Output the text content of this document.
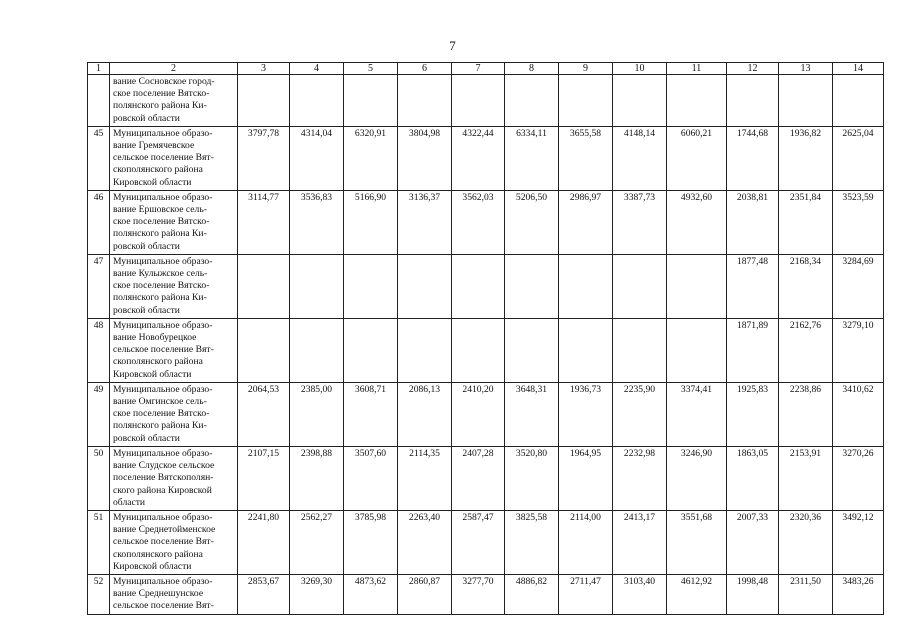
7
1	2	3	4	5	6	7	8	9	10	11	12	13	14
	вание Сосновское город-
ское поселение Вятско-
полянского района Ки-
ровской области												
45	Муниципальное образо-
вание Гремячевское
сельское поселение Вят-
скополянского района
Кировской области	3797,78	4314,04	6320,91	3804,98	4322,44	6334,11	3655,58	4148,14	6060,21	1744,68	1936,82	2625,04
46	Муниципальное образо-
вание Ершовское сель-
ское поселение Вятско-
полянского района Ки-
ровской области	3114,77	3536,83	5166,90	3136,37	3562,03	5206,50	2986,97	3387,73	4932,60	2038,81	2351,84	3523,59
47	Муниципальное образо-
вание Кулыжское сель-
ское поселение Вятско-
полянского района Ки-
ровской области										1877,48	2168,34	3284,69
48	Муниципальное образо-
вание Новобурецкое
сельское поселение Вят-
скополянского района
Кировской области										1871,89	2162,76	3279,10
49	Муниципальное образо-
вание Омгинское сель-
ское поселение Вятско-
полянского района Ки-
ровской области	2064,53	2385,00	3608,71	2086,13	2410,20	3648,31	1936,73	2235,90	3374,41	1925,83	2238,86	3410,62
50	Муниципальное образо-
вание Слудское сельское
поселение Вятскополян-
ского района Кировской
области	2107,15	2398,88	3507,60	2114,35	2407,28	3520,80	1964,95	2232,98	3246,90	1863,05	2153,91	3270,26
51	Муниципальное образо-
вание Среднетойменское
сельское поселение Вят-
скополянского района
Кировской области	2241,80	2562,27	3785,98	2263,40	2587,47	3825,58	2114,00	2413,17	3551,68	2007,33	2320,36	3492,12
52	Муниципальное образо-
вание Среднешунское
сельское поселение Вят-	2853,67	3269,30	4873,62	2860,87	3277,70	4886,82	2711,47	3103,40	4612,92	1998,48	2311,50	3483,26
